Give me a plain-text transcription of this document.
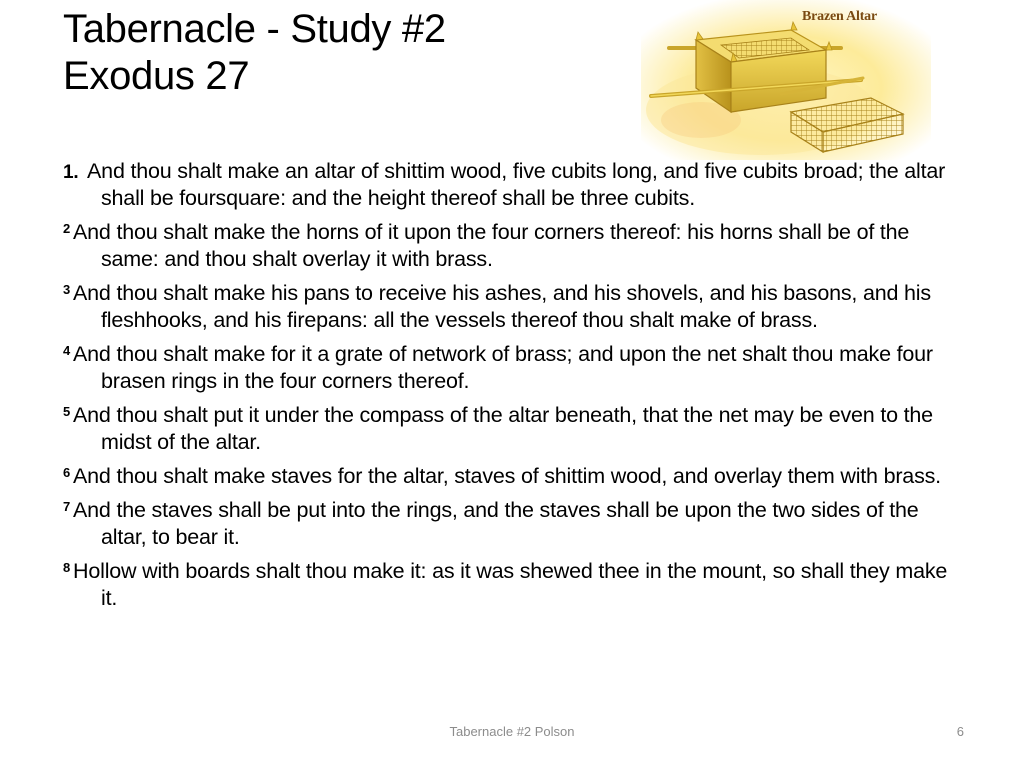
Tabernacle - Study #2
Exodus 27
Brazen Altar
1. And thou shalt make an altar of shittim wood, five cubits long, and five cubits broad; the altar shall be foursquare: and the height thereof shall be three cubits.
$^2$ And thou shalt make the horns of it upon the four corners thereof: his horns shall be of the same: and thou shalt overlay it with brass.
$^3$ And thou shalt make his pans to receive his ashes, and his shovels, and his basons, and his fleshhooks, and his firepans: all the vessels thereof thou shalt make of brass.
$^4$ And thou shalt make for it a grate of network of brass; and upon the net shalt thou make four brasen rings in the four corners thereof.
$^5$ And thou shalt put it under the compass of the altar beneath, that the net may be even to the midst of the altar.
$^6$ And thou shalt make staves for the altar, staves of shittim wood, and overlay them with brass.
$^7$ And the staves shall be put into the rings, and the staves shall be upon the two sides of the altar, to bear it.
$^8$ Hollow with boards shalt thou make it: as it was shewed thee in the mount, so shall they make it.
Tabernacle #2 Polson	6
